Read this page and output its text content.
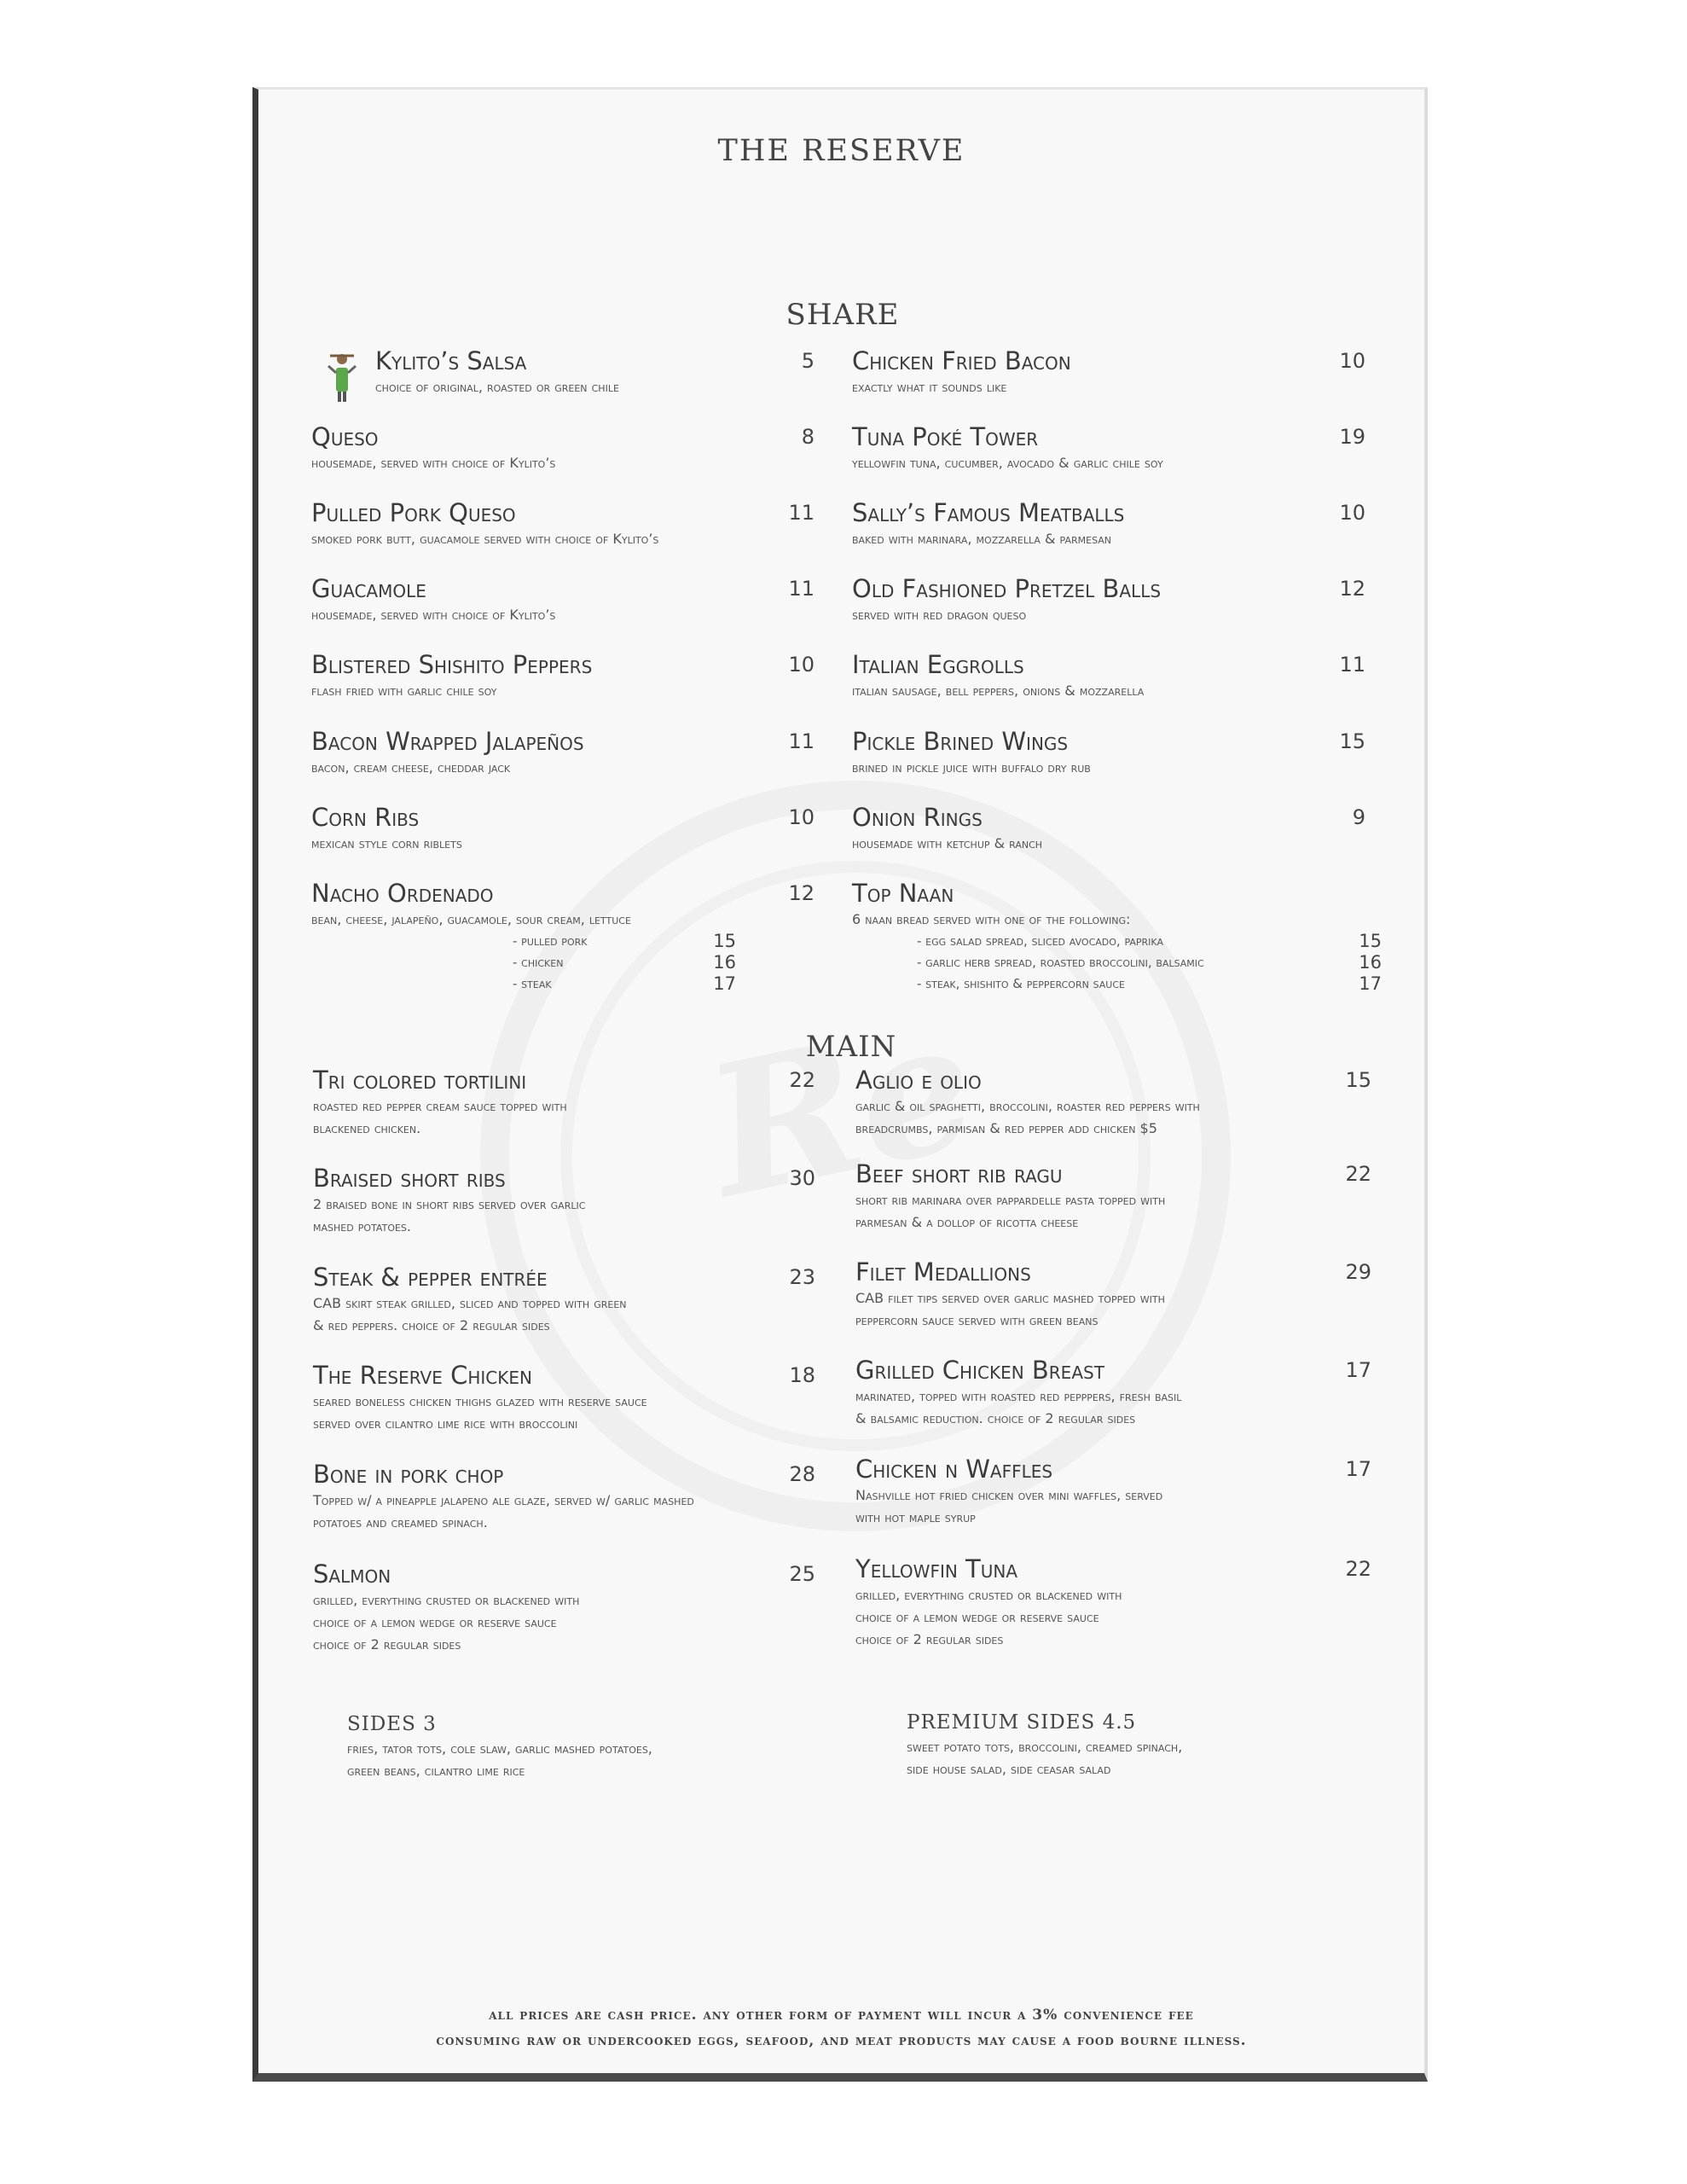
THE RESERVE
SHARE
Kylito’s Salsa
choice of original, roasted or green chile
5
Queso
housemade, served with choice of Kylito’s
8
Pulled Pork Queso
smoked pork butt, guacamole served with choice of Kylito’s
11
Guacamole
housemade, served with choice of Kylito’s
11
Blistered Shishito Peppers
flash fried with garlic chile soy
10
Bacon Wrapped Jalapeños
bacon, cream cheese, cheddar jack
11
Corn Ribs
mexican style corn riblets
10
Nacho Ordenado
bean, cheese, jalapeño, guacamole, sour cream, lettuce
12
- pulled pork	15
- chicken	16
- steak	17
Chicken Fried Bacon
exactly what it sounds like
10
Tuna Poké Tower
yellowfin tuna, cucumber, avocado & garlic chile soy
19
Sally’s Famous Meatballs
baked with marinara, mozzarella & parmesan
10
Old Fashioned Pretzel Balls
served with red dragon queso
12
Italian Eggrolls
italian sausage, bell peppers, onions & mozzarella
11
Pickle Brined Wings
brined in pickle juice with buffalo dry rub
15
Onion Rings
housemade with ketchup & ranch
9
Top Naan
6 naan bread served with one of the following:
- egg salad spread, sliced avocado, paprika	15
- garlic herb spread, roasted broccolini, balsamic	16
- steak, shishito & peppercorn sauce	17
MAIN
Tri colored tortilini
roasted red pepper cream sauce topped with
blackened chicken.
22
Braised short ribs
2 braised bone in short ribs served over garlic
mashed potatoes.
30
Steak & pepper entrée
CAB skirt steak grilled, sliced and topped with green
& red peppers. choice of 2 regular sides
23
The Reserve Chicken
seared boneless chicken thighs glazed with reserve sauce
served over cilantro lime rice with broccolini
18
Bone in pork chop
Topped w/ a pineapple jalapeno ale glaze, served w/ garlic mashed
potatoes and creamed spinach.
28
Salmon
grilled, everything crusted or blackened with
choice of a lemon wedge or reserve sauce
choice of 2 regular sides
25
Aglio e olio
garlic & oil spaghetti, broccolini, roaster red peppers with
breadcrumbs, parmisan & red pepper add chicken $5
15
Beef short rib ragu
short rib marinara over pappardelle pasta topped with
parmesan & a dollop of ricotta cheese
22
Filet Medallions
CAB filet tips served over garlic mashed topped with
peppercorn sauce served with green beans
29
Grilled Chicken Breast
marinated, topped with roasted red pepppers, fresh basil
& balsamic reduction. choice of 2 regular sides
17
Chicken n Waffles
Nashville hot fried chicken over mini waffles, served
with hot maple syrup
17
Yellowfin Tuna
grilled, everything crusted or blackened with
choice of a lemon wedge or reserve sauce
choice of 2 regular sides
22
SIDES 3
fries, tator tots, cole slaw, garlic mashed potatoes,
green beans, cilantro lime rice
PREMIUM SIDES 4.5
sweet potato tots, broccolini, creamed spinach,
side house salad, side ceasar salad
all prices are cash price. any other form of payment will incur a 3% convenience fee
consuming raw or undercooked eggs, seafood, and meat products may cause a food bourne illness.
